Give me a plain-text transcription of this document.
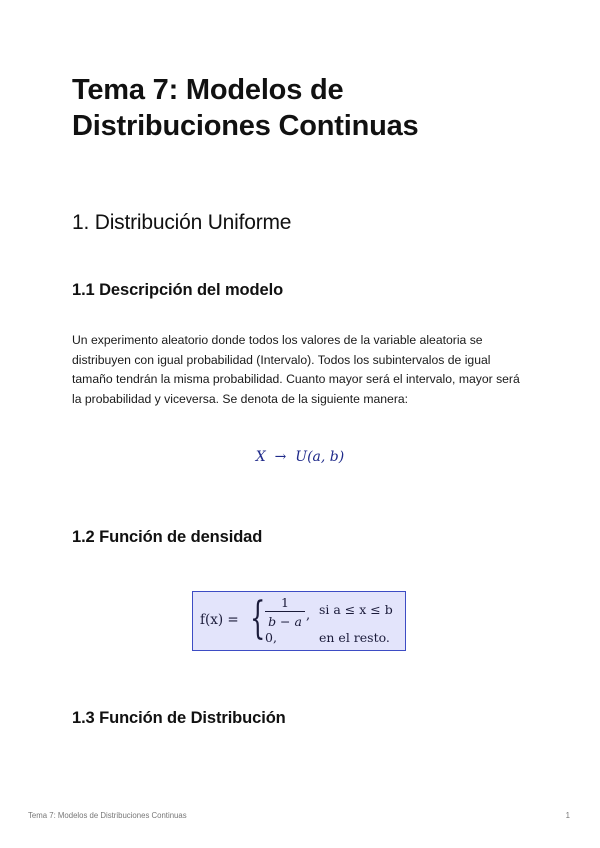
Tema 7: Modelos de Distribuciones Continuas
1. Distribución Uniforme
1.1 Descripción del modelo

Un experimento aleatorio donde todos los valores de la variable aleatoria se distribuyen con igual probabilidad (Intervalo). Todos los subintervalos de igual tamaño tendrán la misma probabilidad. Cuanto mayor será el intervalo, mayor será la probabilidad y viceversa. Se denota de la siguiente manera:

X → U(a, b)
1.2 Función de densidad
f(x) = {	1
b − a , si a ≤ x ≤ b
0,	en el resto.
1.3 Función de Distribución
Tema 7: Modelos de Distribuciones Continuas	1
